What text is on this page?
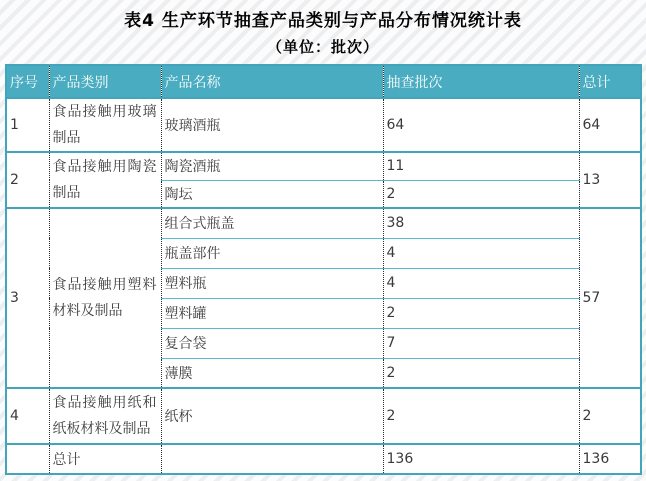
表4 生产环节抽查产品类别与产品分布情况统计表
（单位：批次）
序号	产品类别	产品名称	抽查批次	总计
1	食品接触用玻璃制品	玻璃酒瓶	64	64
2	食品接触用陶瓷制品	陶瓷酒瓶	11	13
		陶坛	2	
3	食品接触用塑料材料及制品	组合式瓶盖	38	57
		瓶盖部件	4	
		塑料瓶	4	
		塑料罐	2	
		复合袋	7	
		薄膜	2	
4	食品接触用纸和纸板材料及制品	纸杯	2	2
	总计		136	136
